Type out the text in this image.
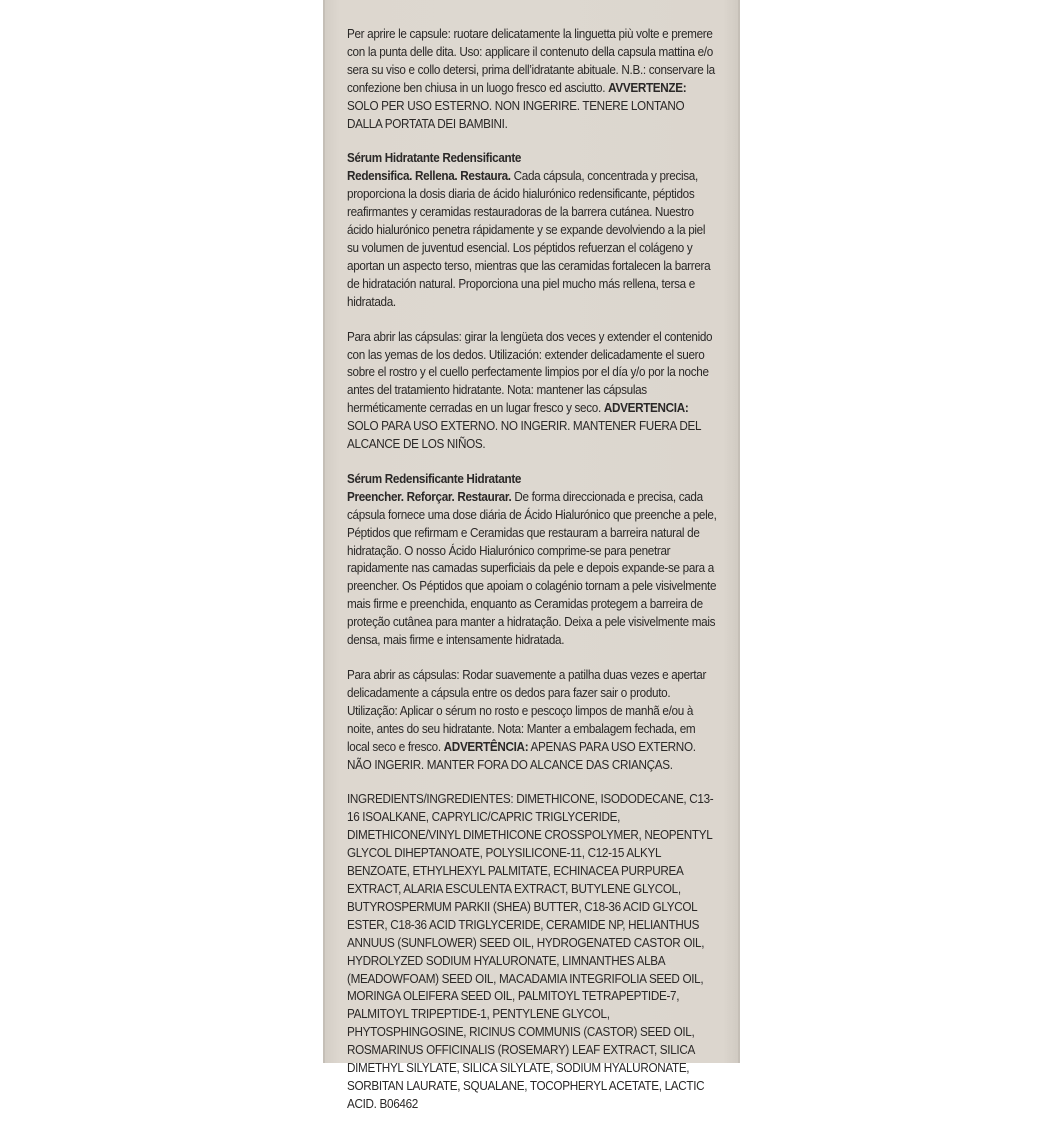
Per aprire le capsule: ruotare delicatamente la linguetta più volte e premere con la punta delle dita. Uso: applicare il contenuto della capsula mattina e/o sera su viso e collo detersi, prima dell’idratante abituale. N.B.: conservare la confezione ben chiusa in un luogo fresco ed asciutto. AVVERTENZE: SOLO PER USO ESTERNO. NON INGERIRE. TENERE LONTANO DALLA PORTATA DEI BAMBINI.

Sérum Hidratante Redensificante

Redensifica. Rellena. Restaura. Cada cápsula, concentrada y precisa, proporciona la dosis diaria de ácido hialurónico redensificante, péptidos reafirmantes y ceramidas restauradoras de la barrera cutánea. Nuestro ácido hialurónico penetra rápidamente y se expande devolviendo a la piel su volumen de juventud esencial. Los péptidos refuerzan el colágeno y aportan un aspecto terso, mientras que las ceramidas fortalecen la barrera de hidratación natural. Proporciona una piel mucho más rellena, tersa e hidratada.

Para abrir las cápsulas: girar la lengüeta dos veces y extender el contenido con las yemas de los dedos. Utilización: extender delicadamente el suero sobre el rostro y el cuello perfectamente limpios por el día y/o por la noche antes del tratamiento hidratante. Nota: mantener las cápsulas herméticamente cerradas en un lugar fresco y seco. ADVERTENCIA: SOLO PARA USO EXTERNO. NO INGERIR. MANTENER FUERA DEL ALCANCE DE LOS NIÑOS.

Sérum Redensificante Hidratante

Preencher. Reforçar. Restaurar. De forma direccionada e precisa, cada cápsula fornece uma dose diária de Ácido Hialurónico que preenche a pele, Péptidos que refirmam e Ceramidas que restauram a barreira natural de hidratação. O nosso Ácido Hialurónico comprime-se para penetrar rapidamente nas camadas superficiais da pele e depois expande-se para a preencher. Os Péptidos que apoiam o colagénio tornam a pele visivelmente mais firme e preenchida, enquanto as Ceramidas protegem a barreira de proteção cutânea para manter a hidratação. Deixa a pele visivelmente mais densa, mais firme e intensamente hidratada.

Para abrir as cápsulas: Rodar suavemente a patilha duas vezes e apertar delicadamente a cápsula entre os dedos para fazer sair o produto. Utilização: Aplicar o sérum no rosto e pescoço limpos de manhã e/ou à noite, antes do seu hidratante. Nota: Manter a embalagem fechada, em local seco e fresco. ADVERTÊNCIA: APENAS PARA USO EXTERNO. NÃO INGERIR. MANTER FORA DO ALCANCE DAS CRIANÇAS.

INGREDIENTS/INGREDIENTES: DIMETHICONE, ISODODECANE, C13-16 ISOALKANE, CAPRYLIC/CAPRIC TRIGLYCERIDE, DIMETHICONE/VINYL DIMETHICONE CROSSPOLYMER, NEOPENTYL GLYCOL DIHEPTANOATE, POLYSILICONE-11, C12-15 ALKYL BENZOATE, ETHYLHEXYL PALMITATE, ECHINACEA PURPUREA EXTRACT, ALARIA ESCULENTA EXTRACT, BUTYLENE GLYCOL, BUTYROSPERMUM PARKII (SHEA) BUTTER, C18-36 ACID GLYCOL ESTER, C18-36 ACID TRIGLYCERIDE, CERAMIDE NP, HELIANTHUS ANNUUS (SUNFLOWER) SEED OIL, HYDROGENATED CASTOR OIL, HYDROLYZED SODIUM HYALURONATE, LIMNANTHES ALBA (MEADOWFOAM) SEED OIL, MACADAMIA INTEGRIFOLIA SEED OIL, MORINGA OLEIFERA SEED OIL, PALMITOYL TETRAPEPTIDE-7, PALMITOYL TRIPEPTIDE-1, PENTYLENE GLYCOL, PHYTOSPHINGOSINE, RICINUS COMMUNIS (CASTOR) SEED OIL, ROSMARINUS OFFICINALIS (ROSEMARY) LEAF EXTRACT, SILICA DIMETHYL SILYLATE, SILICA SILYLATE, SODIUM HYALURONATE, SORBITAN LAURATE, SQUALANE, TOCOPHERYL ACETATE, LACTIC ACID. B06462
